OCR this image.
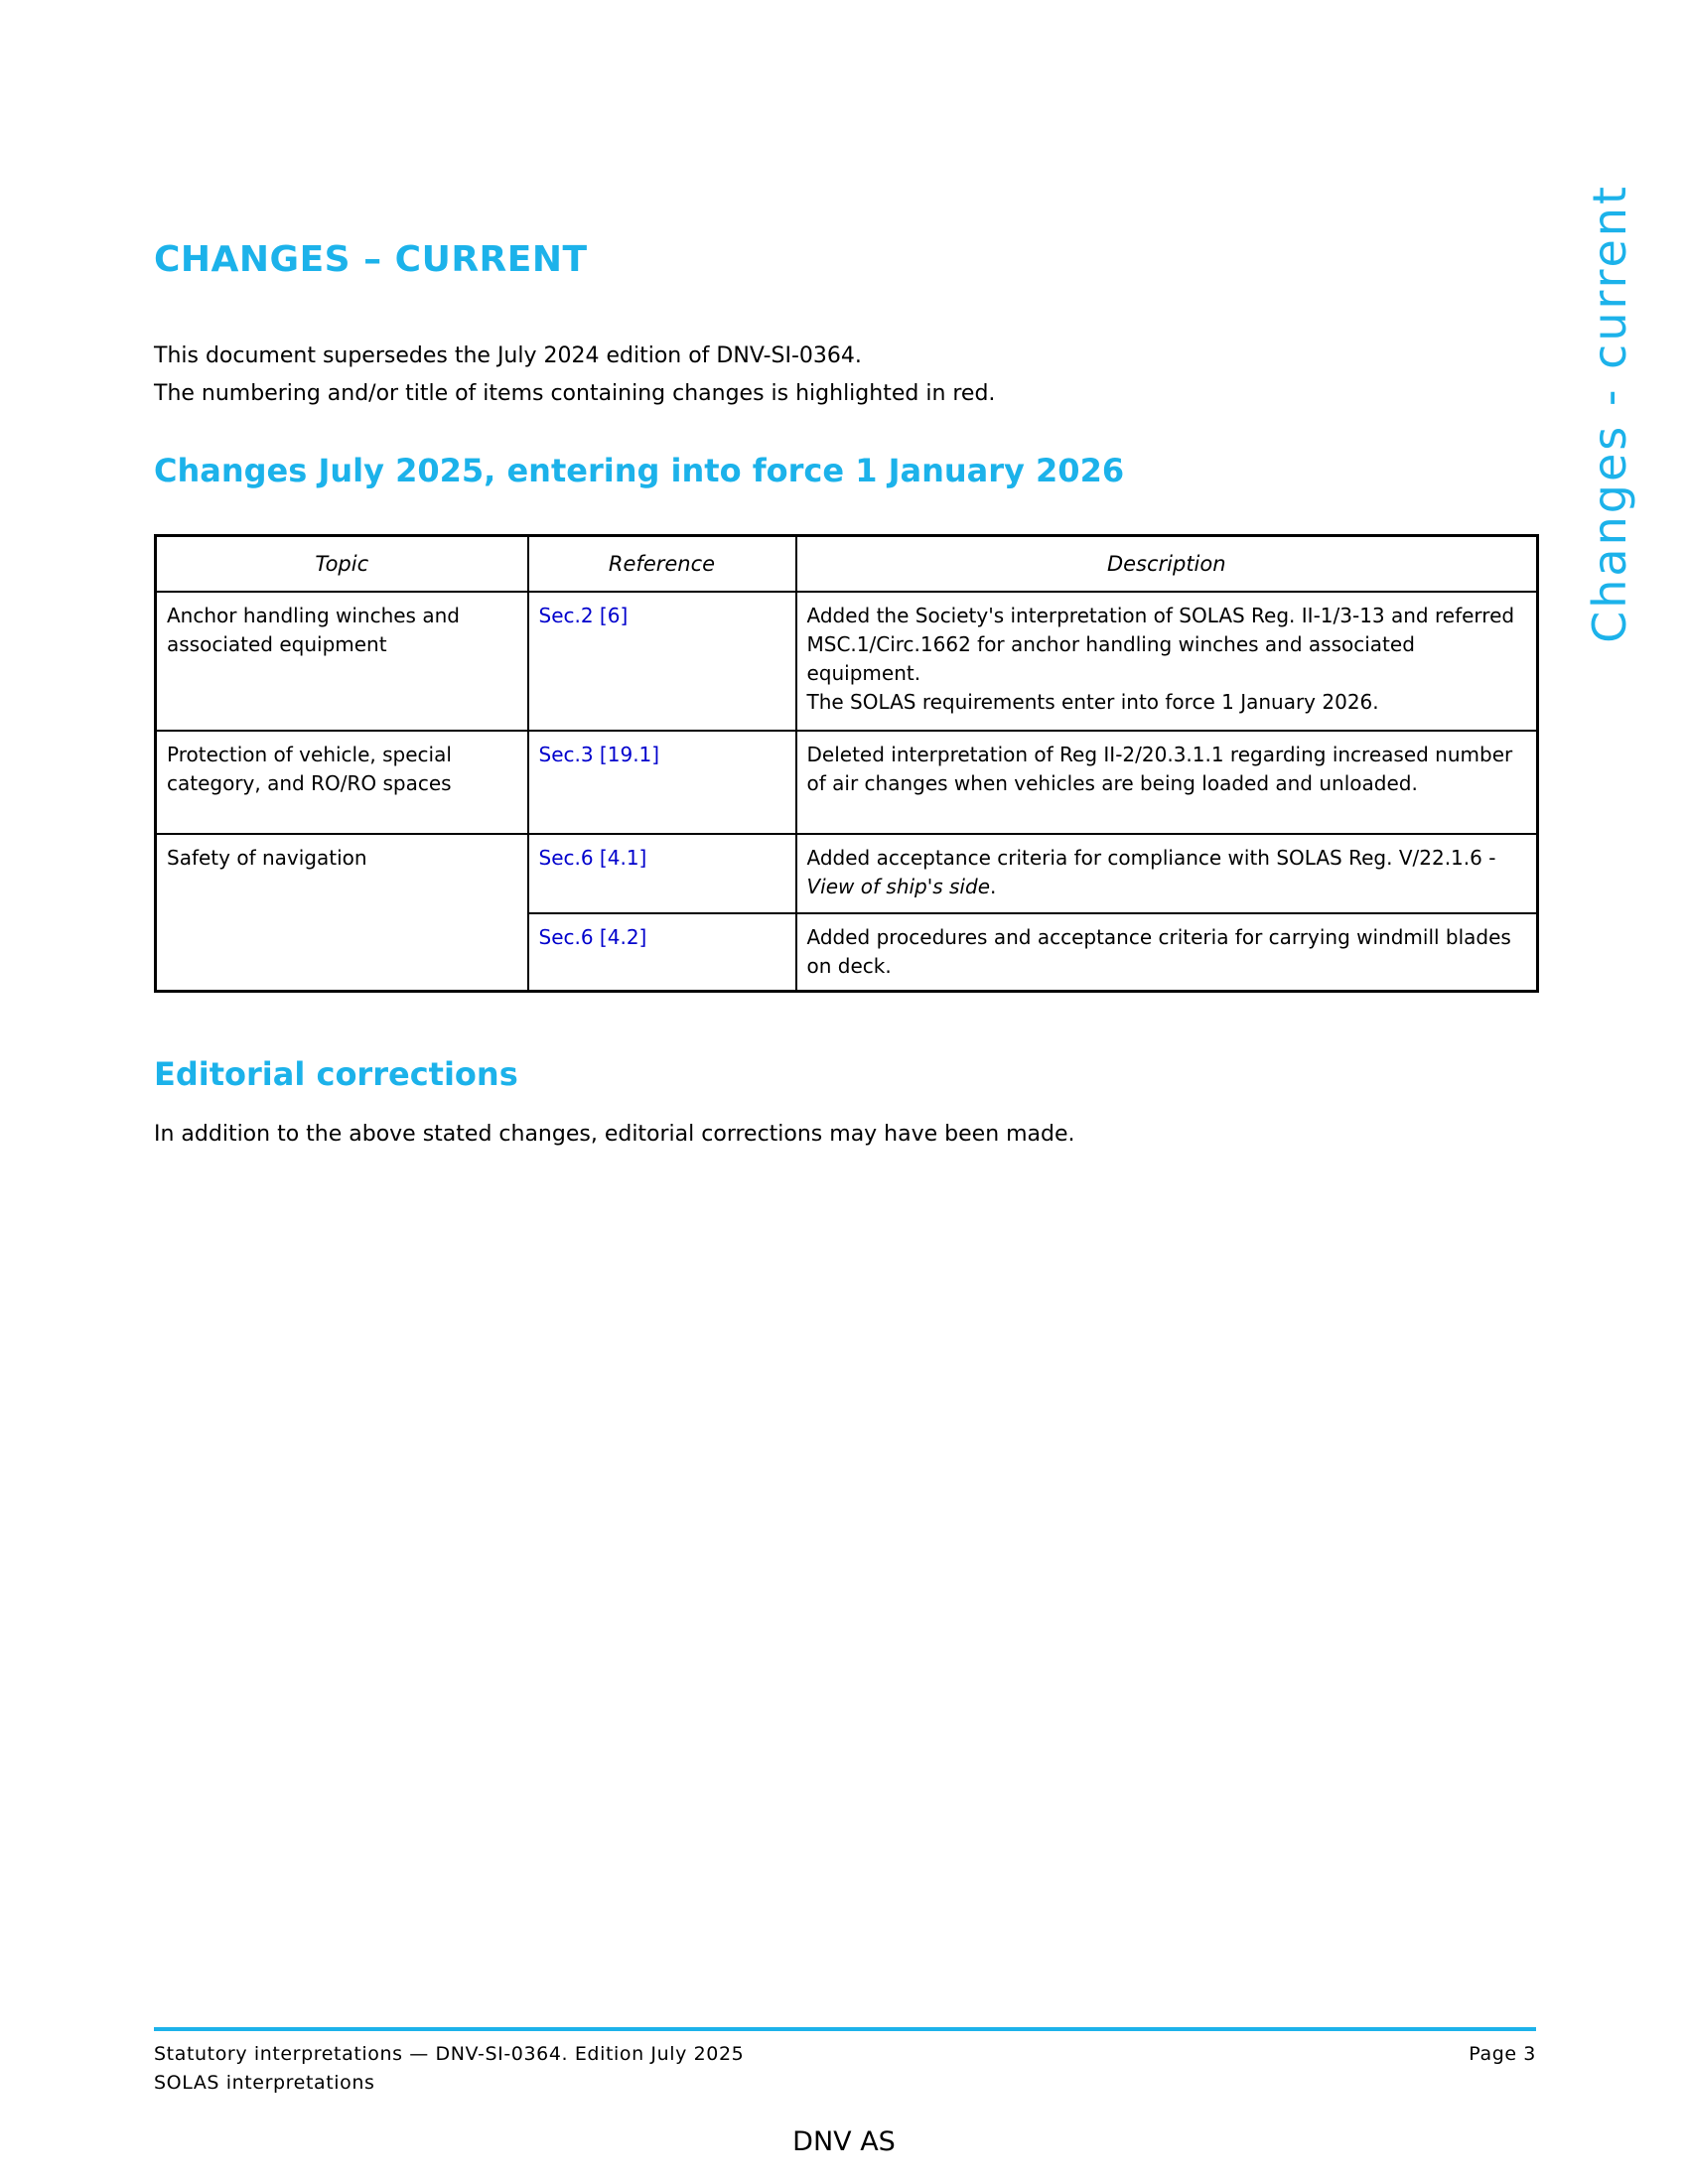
CHANGES – CURRENT

This document supersedes the July 2024 edition of DNV-SI-0364.

The numbering and/or title of items containing changes is highlighted in red.

Changes July 2025, entering into force 1 January 2026
Topic	Reference	Description
Anchor handling winches and associated equipment	Sec.2 [6]	Added the Society's interpretation of SOLAS Reg. II-1/3-13 and referred MSC.1/Circ.1662 for anchor handling winches and associated equipment.
The SOLAS requirements enter into force 1 January 2026.

Protection of vehicle, special category, and RO/RO spaces	Sec.3 [19.1]	Deleted interpretation of Reg II-2/20.3.1.1 regarding increased number of air changes when vehicles are being loaded and unloaded.

Safety of navigation	Sec.6 [4.1]	Added acceptance criteria for compliance with SOLAS Reg. V/22.1.6 - View of ship's side.

	Sec.6 [4.2]	Added procedures and acceptance criteria for carrying windmill blades on deck.
Editorial corrections

In addition to the above stated changes, editorial corrections may have been made.

Changes - current
Statutory interpretations — DNV-SI-0364. Edition July 2025
SOLAS interpretations
Page 3
DNV AS
